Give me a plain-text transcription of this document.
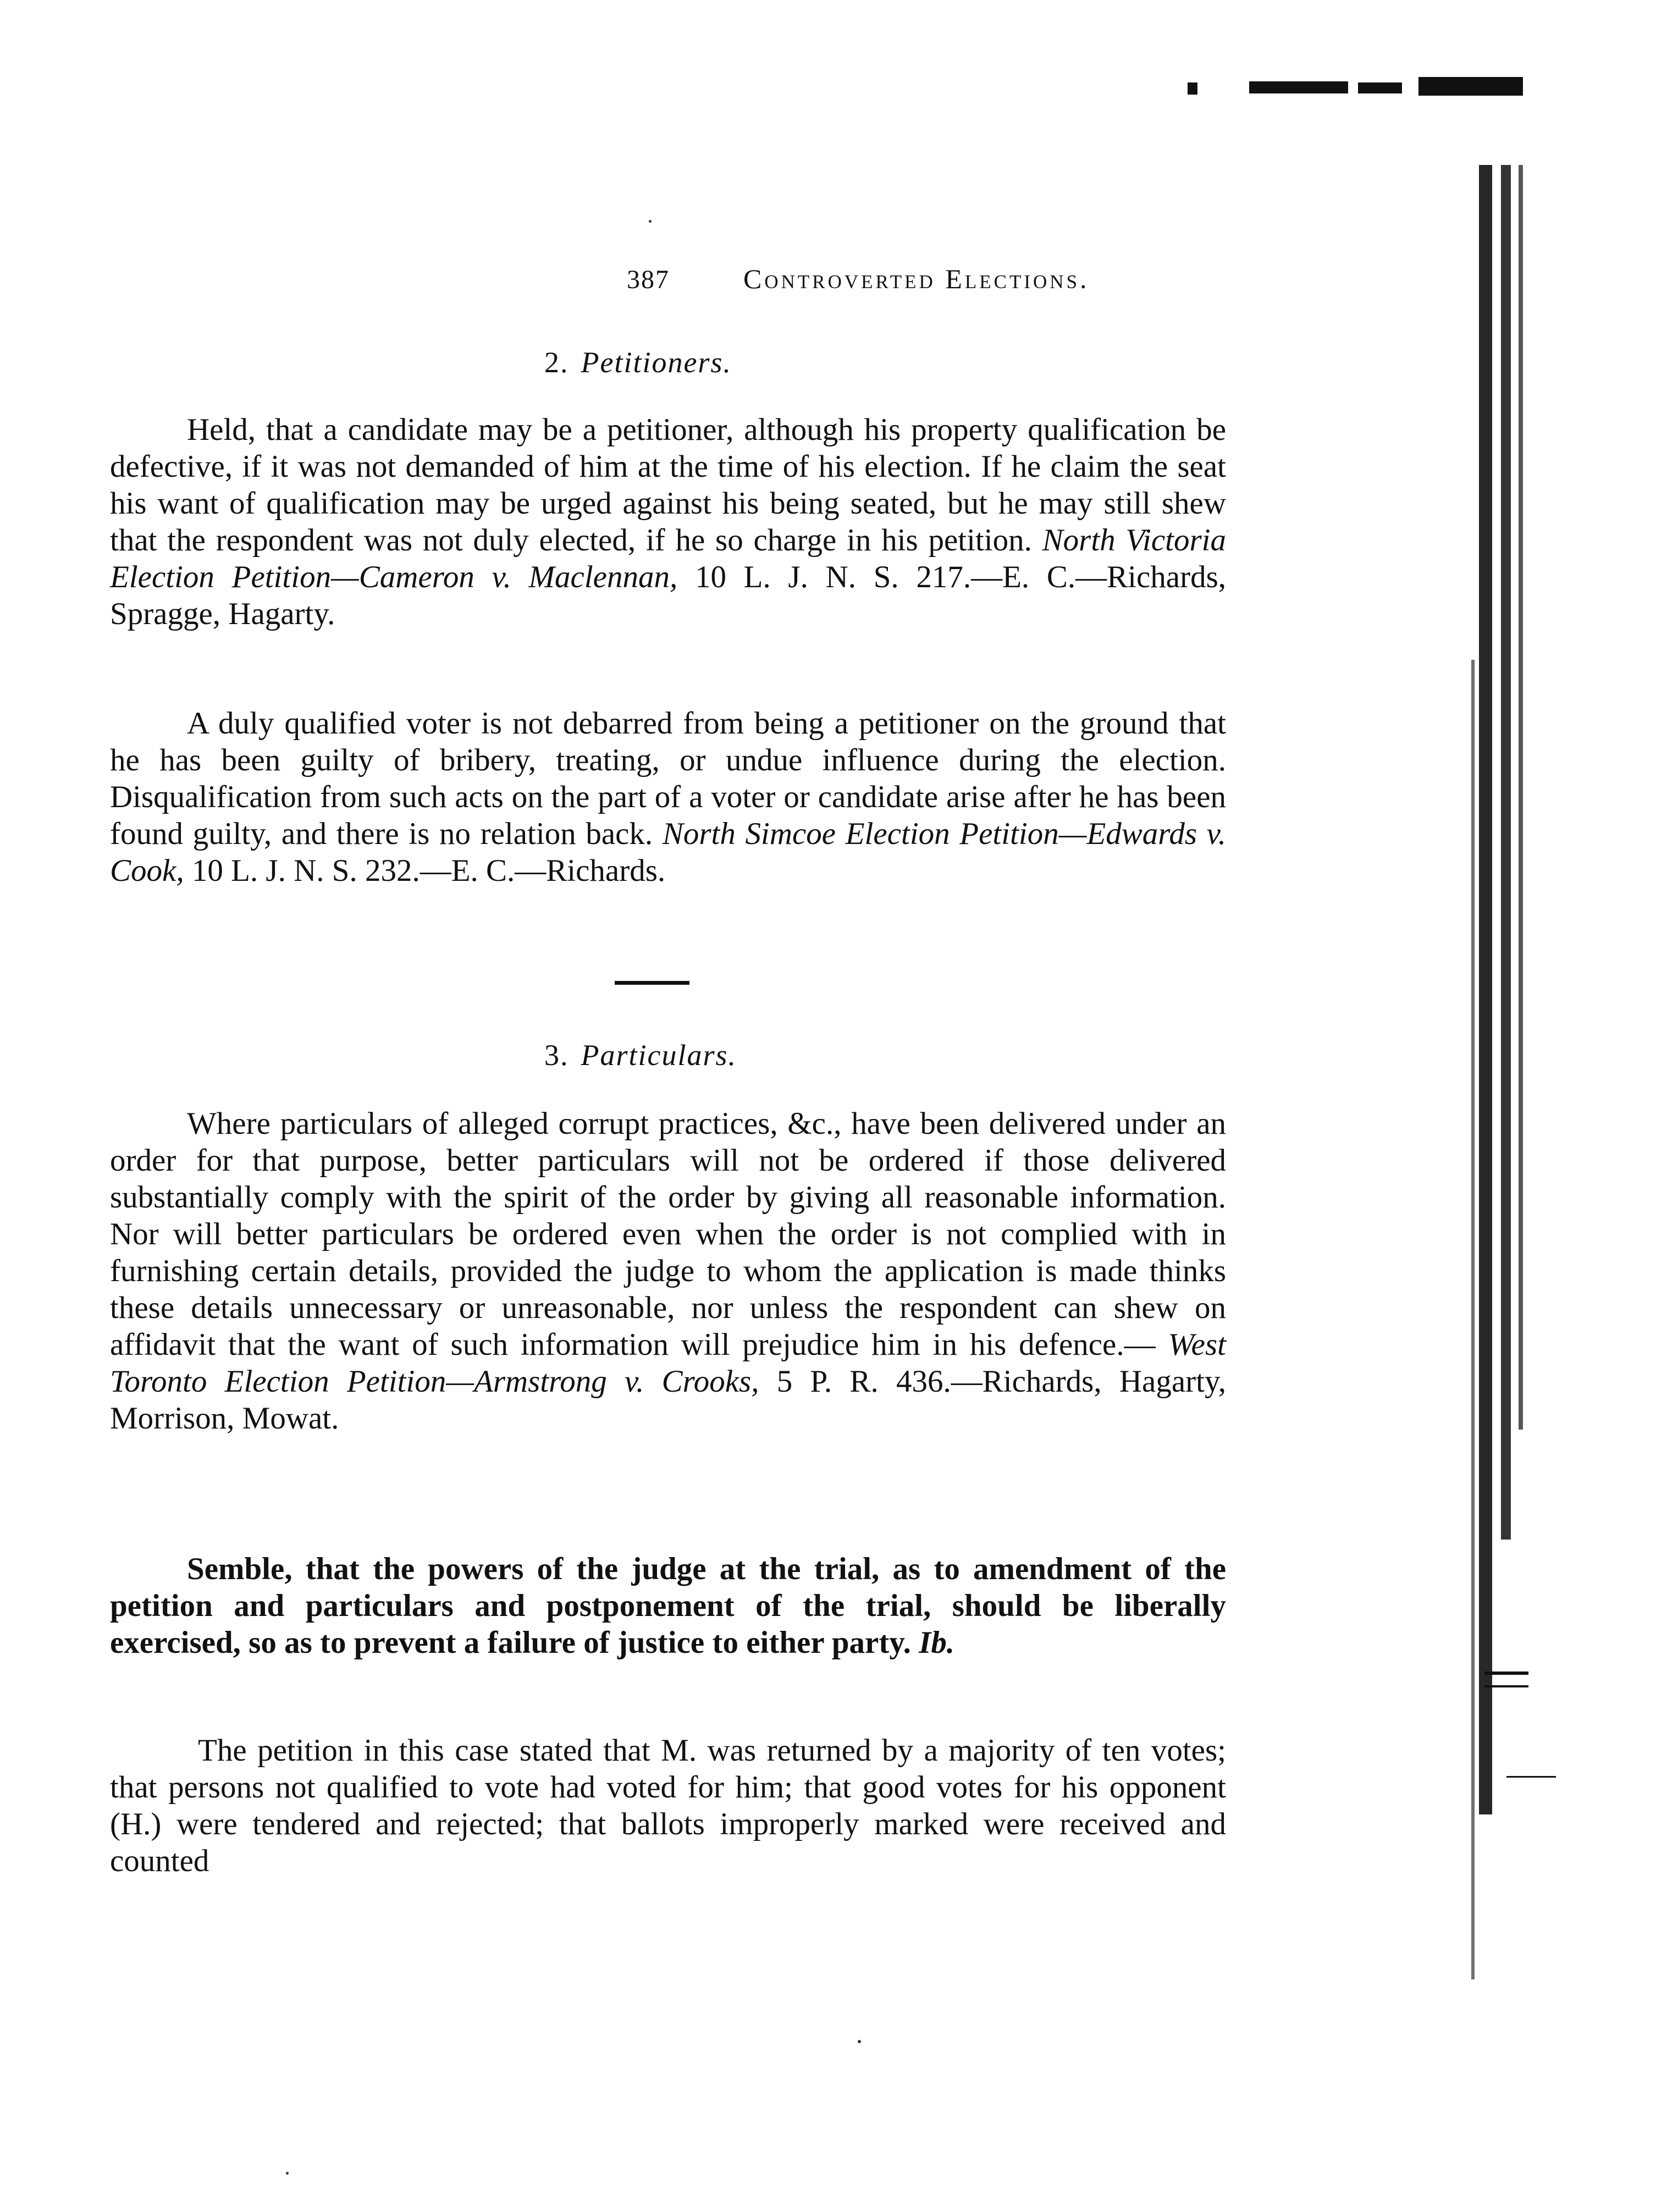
387	Controverted Elections.
2. Petitioners.
Held, that a candidate may be a petitioner, although his property qualification be defective, if it was not demanded of him at the time of his election. If he claim the seat his want of qualification may be urged against his being seated, but he may still shew that the respondent was not duly elected, if he so charge in his petition. North Victoria Election Petition—Cameron v. Maclennan, 10 L. J. N. S. 217.—E. C.—Richards, Spragge, Hagarty.
A duly qualified voter is not debarred from being a petitioner on the ground that he has been guilty of bribery, treating, or undue influence during the election. Disqualification from such acts on the part of a voter or candidate arise after he has been found guilty, and there is no relation back. North Simcoe Election Petition—Edwards v. Cook, 10 L. J. N. S. 232.—E. C.—Richards.
3. Particulars.
Where particulars of alleged corrupt practices, &c., have been delivered under an order for that purpose, better particulars will not be ordered if those delivered substantially comply with the spirit of the order by giving all reasonable information. Nor will better particulars be ordered even when the order is not complied with in furnishing certain details, provided the judge to whom the application is made thinks these details unnecessary or unreasonable, nor unless the respondent can shew on affidavit that the want of such information will prejudice him in his defence.— West Toronto Election Petition—Armstrong v. Crooks, 5 P. R. 436.—Richards, Hagarty, Morrison, Mowat.
Semble, that the powers of the judge at the trial, as to amendment of the petition and particulars and postponement of the trial, should be liberally exercised, so as to prevent a failure of justice to either party. Ib.
The petition in this case stated that M. was returned by a majority of ten votes; that persons not qualified to vote had voted for him; that good votes for his opponent (H.) were tendered and rejected; that ballots improperly marked were received and counted
